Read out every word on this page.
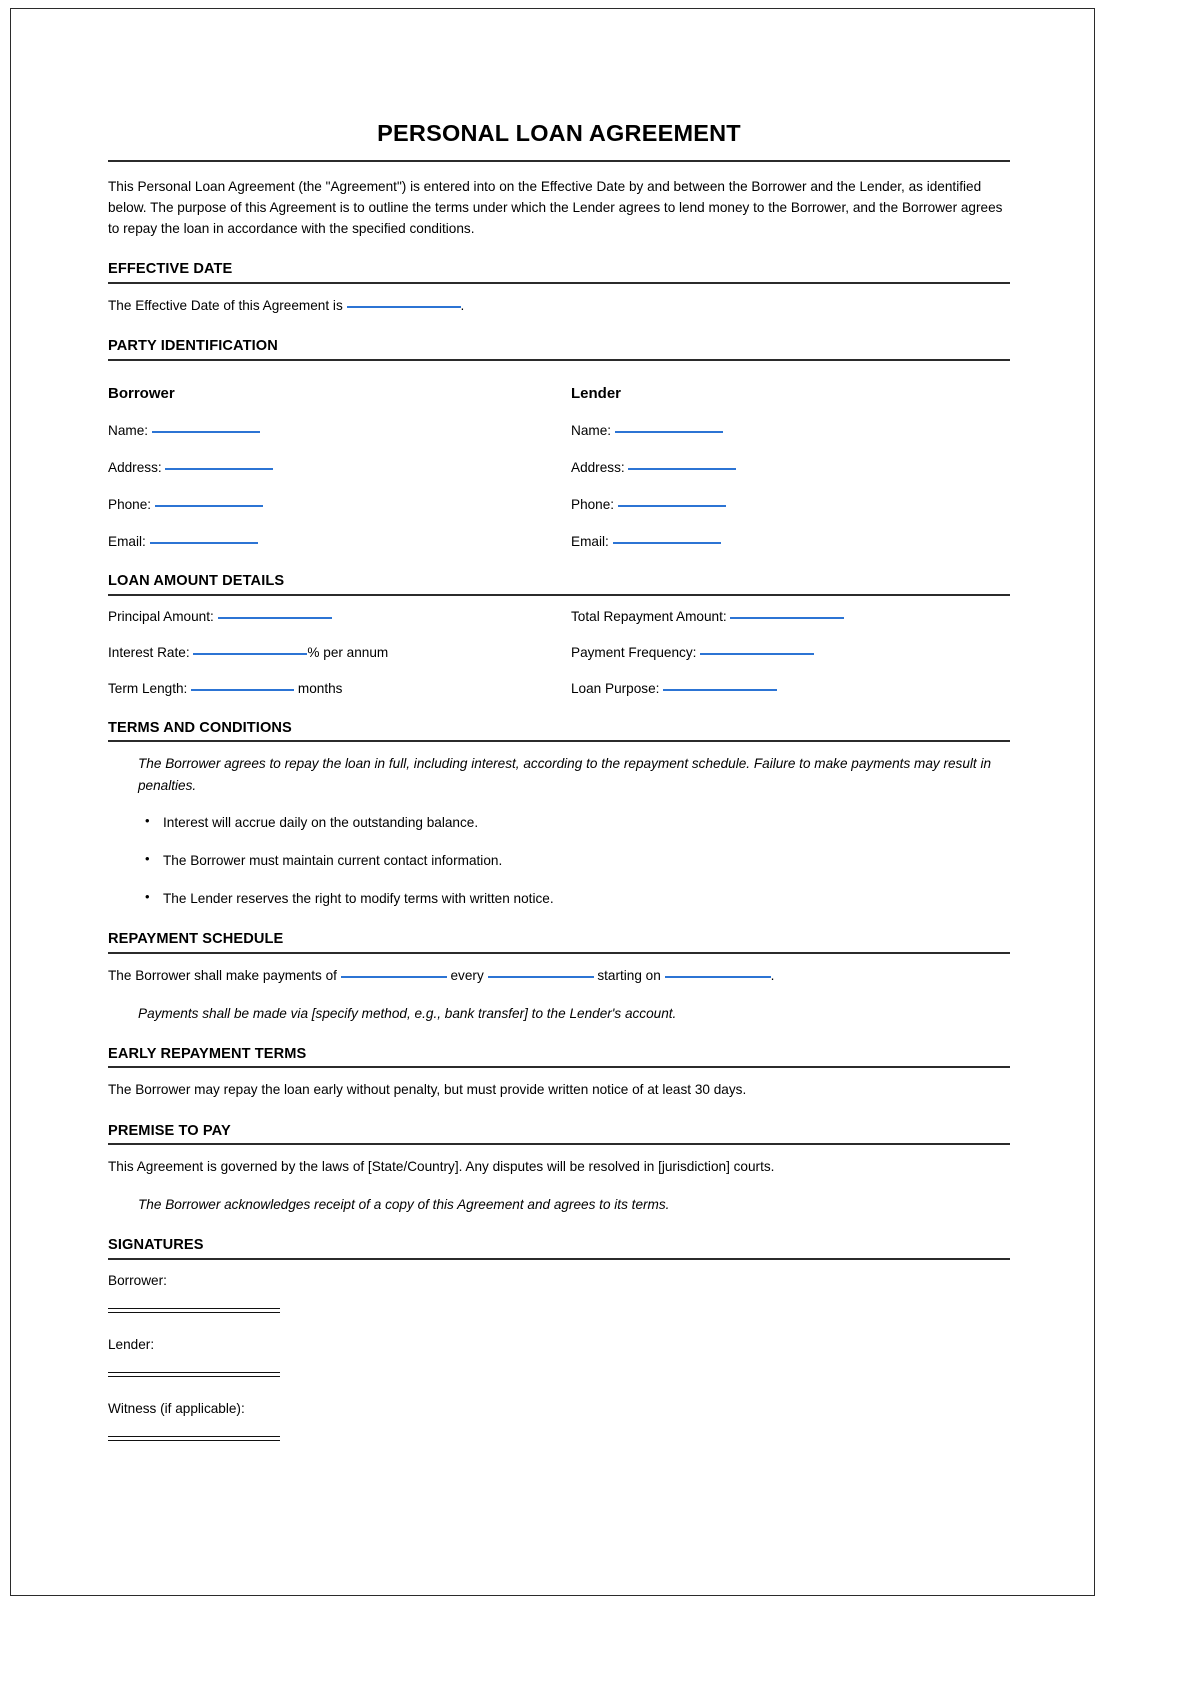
PERSONAL LOAN AGREEMENT

This Personal Loan Agreement (the "Agreement") is entered into on the Effective Date by and between the Borrower and the Lender, as identified below. The purpose of this Agreement is to outline the terms under which the Lender agrees to lend money to the Borrower, and the Borrower agrees to repay the loan in accordance with the specified conditions.

EFFECTIVE DATE

The Effective Date of this Agreement is	.

PARTY IDENTIFICATION
Borrower
Name:
Address:
Phone:
Email:
Lender
Name:
Address:
Phone:
Email:
LOAN AMOUNT DETAILS
Principal Amount:	Total Repayment Amount:
Interest Rate:	% per annum	Payment Frequency:
Term Length:	months	Loan Purpose:
TERMS AND CONDITIONS

The Borrower agrees to repay the loan in full, including interest, according to the repayment schedule. Failure to make payments may result in penalties.

• Interest will accrue daily on the outstanding balance.
• The Borrower must maintain current contact information.
• The Lender reserves the right to modify terms with written notice.
REPAYMENT SCHEDULE

The Borrower shall make payments of	every	starting on	.

Payments shall be made via [specify method, e.g., bank transfer] to the Lender's account.

EARLY REPAYMENT TERMS

The Borrower may repay the loan early without penalty, but must provide written notice of at least 30 days.

PREMISE TO PAY

This Agreement is governed by the laws of [State/Country]. Any disputes will be resolved in [jurisdiction] courts.

The Borrower acknowledges receipt of a copy of this Agreement and agrees to its terms.

SIGNATURES
Borrower:
Lender:
Witness (if applicable):
